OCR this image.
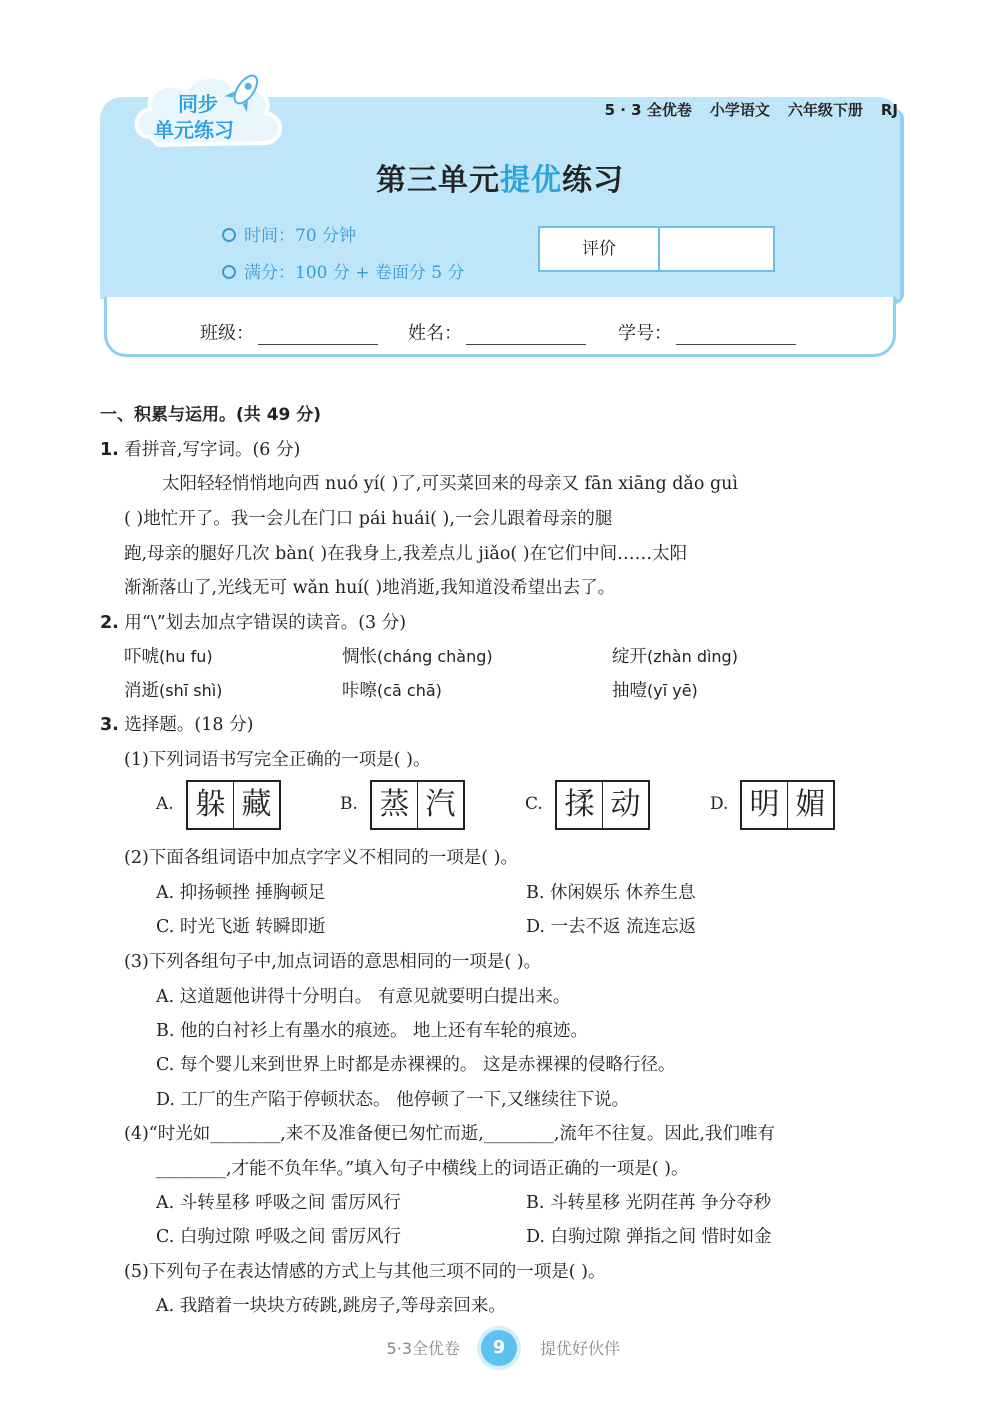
同步
单元练习
5 · 3 全优卷 小学语文 六年级下册 RJ
第三单元提优练习
时间：70 分钟
满分：100 分 + 卷面分 5 分
评价
班级：	姓名：	学号：
一、积累与运用。(共 49 分)
1. 看拼音,写字词。(6 分)
太阳轻轻悄悄地向西 nuó yí( )了,可买菜回来的母亲又 fān xiāng dǎo guì
( )地忙开了。我一会儿在门口 pái huái( ),一会儿跟着母亲的腿
跑,母亲的腿好几次 bàn( )在我身上,我差点儿 jiǎo( )在它们中间……太阳
渐渐落山了,光线无可 wǎn huí( )地消逝,我知道没希望出去了。
2. 用“\”划去加点字错误的读音。(3 分)
吓唬(hu fu)	惆怅(cháng chàng)	绽开(zhàn dìng)
消逝(shī shì)	咔嚓(cā chā)	抽噎(yī yē)
3. 选择题。(18 分)
(1)下列词语书写完全正确的一项是( )。
A. 躲 藏	B. 蒸 汽	C. 揉 动	D. 明 媚
(2)下面各组词语中加点字字义不相同的一项是( )。
A. 抑扬顿挫 捶胸顿足	B. 休闲娱乐 休养生息
C. 时光飞逝 转瞬即逝	D. 一去不返 流连忘返
(3)下列各组句子中,加点词语的意思相同的一项是( )。
A. 这道题他讲得十分明白。 有意见就要明白提出来。
B. 他的白衬衫上有墨水的痕迹。 地上还有车轮的痕迹。
C. 每个婴儿来到世界上时都是赤裸裸的。 这是赤裸裸的侵略行径。
D. 工厂的生产陷于停顿状态。 他停顿了一下,又继续往下说。
(4)“时光如________,来不及准备便已匆忙而逝,________,流年不往复。因此,我们唯有
________,才能不负年华。”填入句子中横线上的词语正确的一项是( )。
A. 斗转星移 呼吸之间 雷厉风行	B. 斗转星移 光阴荏苒 争分夺秒
C. 白驹过隙 呼吸之间 雷厉风行	D. 白驹过隙 弹指之间 惜时如金
(5)下列句子在表达情感的方式上与其他三项不同的一项是( )。
A. 我踏着一块块方砖跳,跳房子,等母亲回来。
5·3全优卷	9	提优好伙伴
